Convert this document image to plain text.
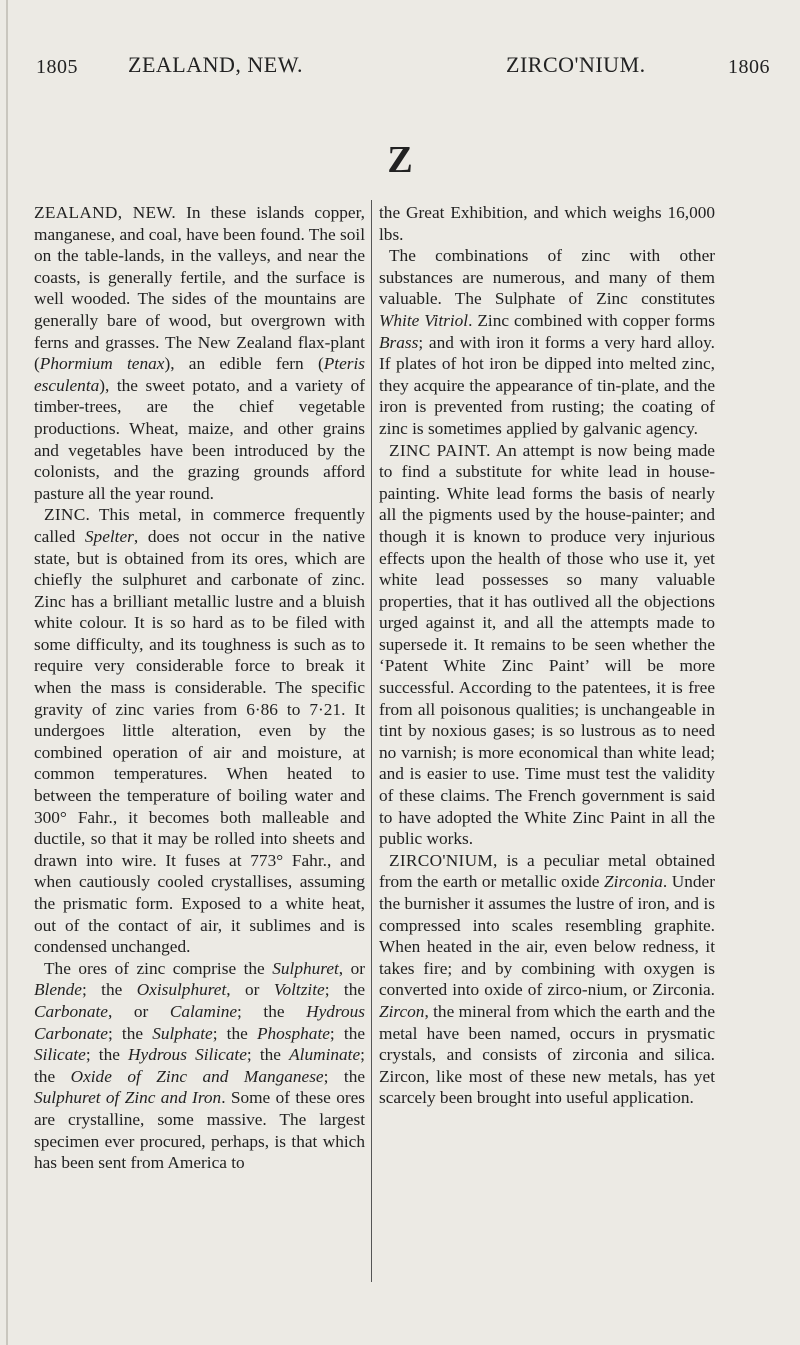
1805 ZEALAND, NEW.	ZIRCO'NIUM.	1806
Z

ZEALAND, NEW. In these islands copper, manganese, and coal, have been found. The soil on the table-lands, in the valleys, and near the coasts, is generally fertile, and the surface is well wooded. The sides of the mountains are generally bare of wood, but overgrown with ferns and grasses. The New Zealand flax-plant (Phormium tenax), an edible fern (Pteris esculenta), the sweet potato, and a variety of timber-trees, are the chief vegetable productions. Wheat, maize, and other grains and vegetables have been introduced by the colonists, and the grazing grounds afford pasture all the year round.

ZINC. This metal, in commerce frequently called Spelter, does not occur in the native state, but is obtained from its ores, which are chiefly the sulphuret and carbonate of zinc. Zinc has a brilliant metallic lustre and a bluish white colour. It is so hard as to be filed with some difficulty, and its toughness is such as to require very considerable force to break it when the mass is considerable. The specific gravity of zinc varies from 6·86 to 7·21. It undergoes little alteration, even by the combined operation of air and moisture, at common temperatures. When heated to between the temperature of boiling water and 300° Fahr., it becomes both malleable and ductile, so that it may be rolled into sheets and drawn into wire. It fuses at 773° Fahr., and when cautiously cooled crystallises, assuming the prismatic form. Exposed to a white heat, out of the contact of air, it sublimes and is condensed unchanged.

The ores of zinc comprise the Sulphuret, or Blende; the Oxisulphuret, or Voltzite; the Carbonate, or Calamine; the Hydrous Carbonate; the Sulphate; the Phosphate; the Silicate; the Hydrous Silicate; the Aluminate; the Oxide of Zinc and Manganese; the Sulphuret of Zinc and Iron. Some of these ores are crystalline, some massive. The largest specimen ever procured, perhaps, is that which has been sent from America to

the Great Exhibition, and which weighs 16,000 lbs.

The combinations of zinc with other substances are numerous, and many of them valuable. The Sulphate of Zinc constitutes White Vitriol. Zinc combined with copper forms Brass; and with iron it forms a very hard alloy. If plates of hot iron be dipped into melted zinc, they acquire the appearance of tin-plate, and the iron is prevented from rusting; the coating of zinc is sometimes applied by galvanic agency.

ZINC PAINT. An attempt is now being made to find a substitute for white lead in house-painting. White lead forms the basis of nearly all the pigments used by the house-painter; and though it is known to produce very injurious effects upon the health of those who use it, yet white lead possesses so many valuable properties, that it has outlived all the objections urged against it, and all the attempts made to supersede it. It remains to be seen whether the ‘Patent White Zinc Paint’ will be more successful. According to the patentees, it is free from all poisonous qualities; is unchangeable in tint by noxious gases; is so lustrous as to need no varnish; is more economical than white lead; and is easier to use. Time must test the validity of these claims. The French government is said to have adopted the White Zinc Paint in all the public works.

ZIRCO'NIUM, is a peculiar metal obtained from the earth or metallic oxide Zirconia. Under the burnisher it assumes the lustre of iron, and is compressed into scales resembling graphite. When heated in the air, even below redness, it takes fire; and by combining with oxygen is converted into oxide of zirco-nium, or Zirconia. Zircon, the mineral from which the earth and the metal have been named, occurs in prysmatic crystals, and consists of zirconia and silica. Zircon, like most of these new metals, has yet scarcely been brought into useful application.
